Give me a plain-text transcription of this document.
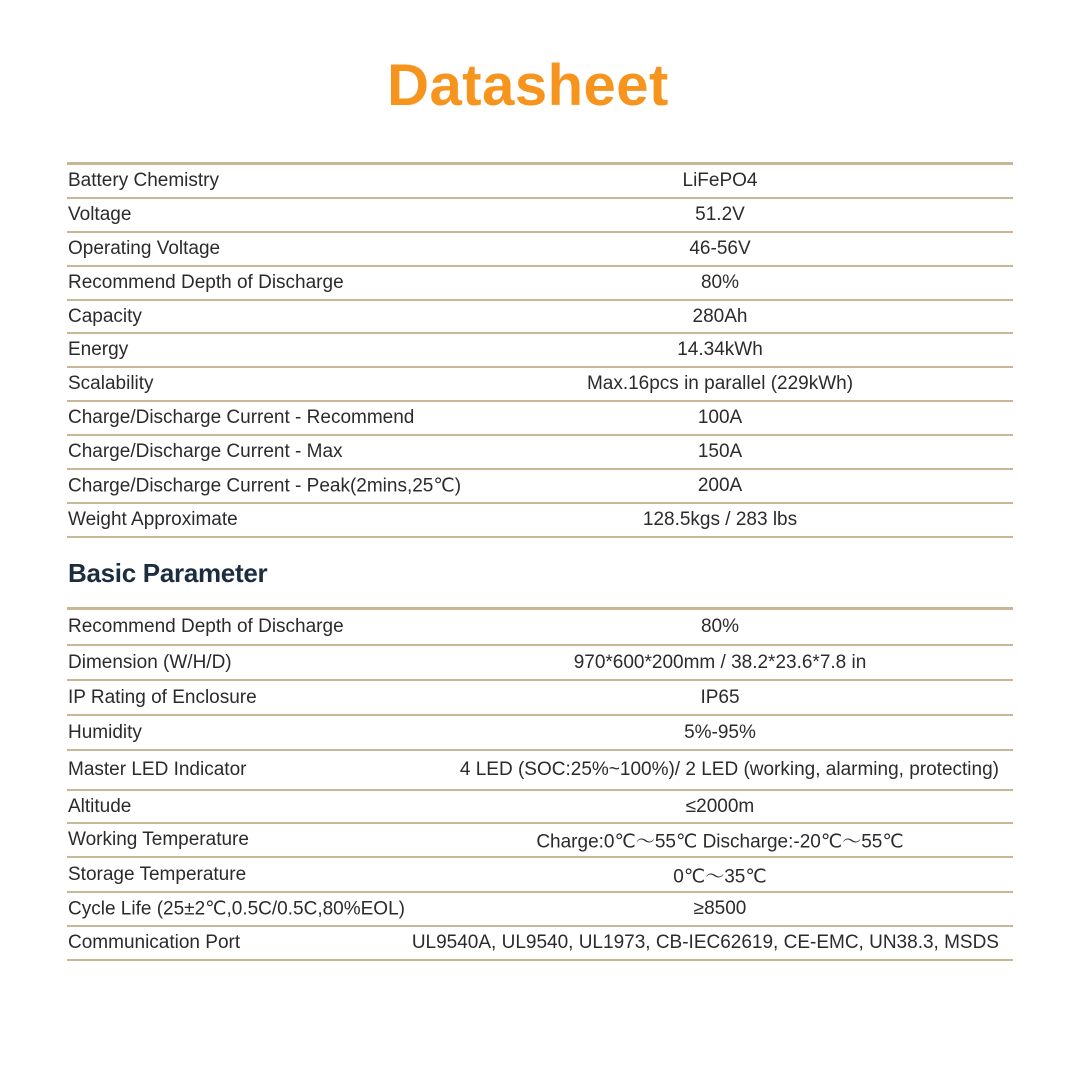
Datasheet
Battery Chemistry	LiFePO4
Voltage	51.2V
Operating Voltage	46-56V
Recommend Depth of Discharge	80%
Capacity	280Ah
Energy	14.34kWh
Scalability	Max.16pcs in parallel (229kWh)
Charge/Discharge Current - Recommend	100A
Charge/Discharge Current - Max	150A
Charge/Discharge Current - Peak(2mins,25℃)	200A
Weight Approximate	128.5kgs / 283 lbs
Basic Parameter
Recommend Depth of Discharge	80%
Dimension (W/H/D)	970*600*200mm / 38.2*23.6*7.8 in
IP Rating of Enclosure	IP65
Humidity	5%-95%
Master LED Indicator	4 LED (SOC:25%~100%)/ 2 LED (working, alarming, protecting)
Altitude	≤2000m
Working Temperature	Charge:0℃～55℃ Discharge:-20℃～55℃
Storage Temperature	0℃～35℃
Cycle Life (25±2℃,0.5C/0.5C,80%EOL)	≥8500
Communication Port	UL9540A, UL9540, UL1973, CB-IEC62619, CE-EMC, UN38.3, MSDS
